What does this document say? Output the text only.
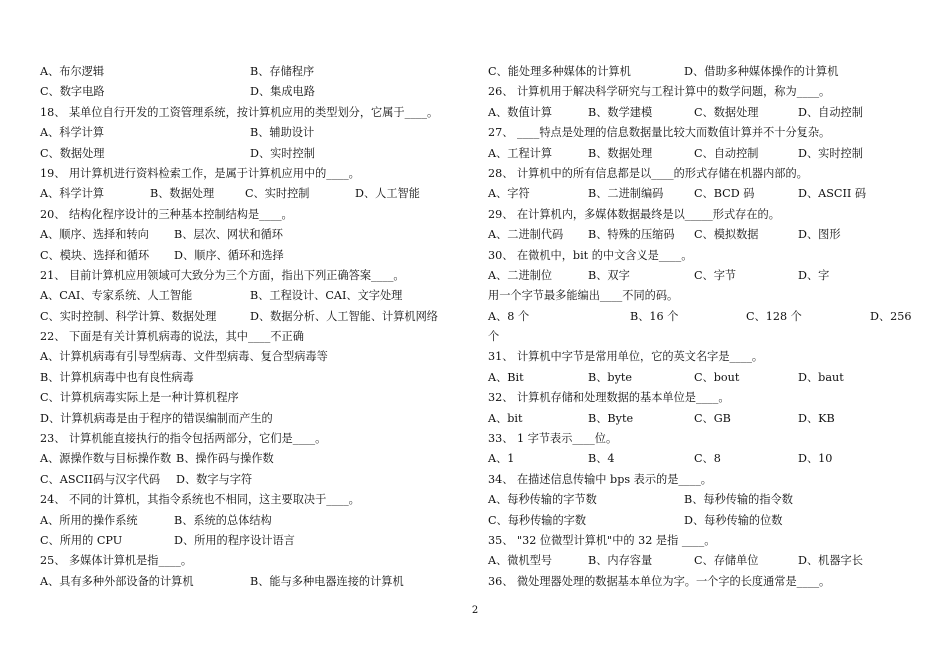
A、布尔逻辑	B、存储程序
C、数字电路	D、集成电路
18、 某单位自行开发的工资管理系统，按计算机应用的类型划分，它属于____。
A、科学计算	B、辅助设计
C、数据处理	D、实时控制
19、 用计算机进行资料检索工作，是属于计算机应用中的____。
A、科学计算	B、数据处理	C、实时控制	D、人工智能
20、 结构化程序设计的三种基本控制结构是____。
A、顺序、选择和转向 B、层次、网状和循环
C、模块、选择和循环 D、顺序、循环和选择
21、 目前计算机应用领域可大致分为三个方面，指出下列正确答案____。
A、CAI、专家系统、人工智能	B、工程设计、CAI、文字处理
C、实时控制、科学计算、数据处理	D、数据分析、人工智能、计算机网络
22、 下面是有关计算机病毒的说法，其中____不正确
A、计算机病毒有引导型病毒、文件型病毒、复合型病毒等
B、计算机病毒中也有良性病毒
C、计算机病毒实际上是一种计算机程序
D、计算机病毒是由于程序的错误编制而产生的
23、 计算机能直接执行的指令包括两部分，它们是____。
A、源操作数与目标操作数 B、操作码与操作数
C、ASCII码与汉字代码 D、数字与字符
24、 不同的计算机，其指令系统也不相同，这主要取决于____。
A、所用的操作系统	B、系统的总体结构
C、所用的 CPU	D、所用的程序设计语言
25、 多媒体计算机是指____。
A、具有多种外部设备的计算机	B、能与多种电器连接的计算机
C、能处理多种媒体的计算机	D、借助多种媒体操作的计算机
26、 计算机用于解决科学研究与工程计算中的数学问题，称为____。
A、数值计算	B、数学建模	C、数据处理	D、自动控制
27、 ____特点是处理的信息数据量比较大而数值计算并不十分复杂。
A、工程计算	B、数据处理	C、自动控制	D、实时控制
28、 计算机中的所有信息都是以____的形式存储在机器内部的。
A、字符	B、二进制编码	C、BCD 码	D、ASCII 码
29、 在计算机内，多媒体数据最终是以_____形式存在的。
A、二进制代码 B、特殊的压缩码 C、模拟数据	D、图形
30、 在微机中，bit 的中文含义是____。
A、二进制位	B、双字	C、字节	D、字
用一个字节最多能编出____不同的码。
A、8 个	B、16 个	C、128 个	D、256
个
31、 计算机中字节是常用单位，它的英文名字是____。
A、Bit	B、byte	C、bout	D、baut
32、 计算机存储和处理数据的基本单位是____。
A、bit	B、Byte	C、GB	D、KB
33、 1 字节表示____位。
A、1	B、4	C、8	D、10
34、 在描述信息传输中 bps 表示的是____。
A、每秒传输的字节数	B、每秒传输的指令数
C、每秒传输的字数	D、每秒传输的位数
35、 "32 位微型计算机"中的 32 是指 ____。
A、微机型号	B、内存容量	C、存储单位	D、机器字长
36、 微处理器处理的数据基本单位为字。一个字的长度通常是____。
2
